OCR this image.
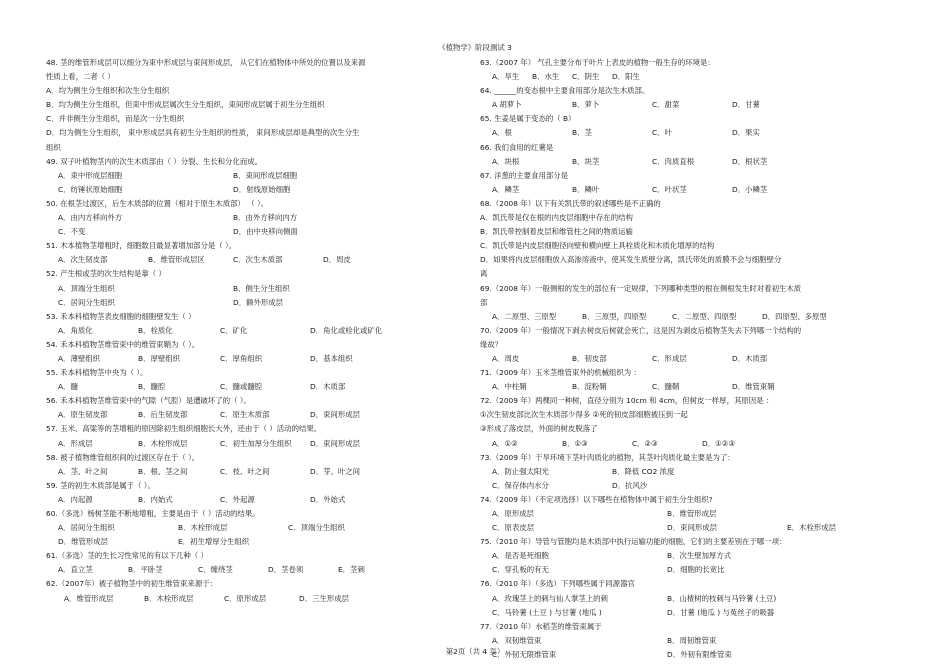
《植物学》阶段测试 3
48. 茎的维管形成层可以细分为束中形成层与束间形成层， 从它们在植物体中所处的位置以及来源
性质上看，二者（ ）
A．均为侧生分生组织和次生分生组织
B．均为侧生分生组织，但束中形成层属次生分生组织，束间形成层属于初生分生组织
C．并非侧生分生组织，而是次一分生组织
D．均为侧生分生组织， 束中形成层具有初生分生组织的性质， 束间形成层却是典型的次生分生
组织
49. 双子叶植物茎内的次生木质部由（ ）分裂、生长和分化而成。
A．束中形成层细胞	B．束间形成层细胞
C．纺锤状原始细胞	D．射线原始细胞
50. 在根茎过渡区，后生木质部的位置（相对于原生木质部） （ ）。
A．由内方移向外方	B．由外方移向内方
C．不变	D．由中央移向侧面
51. 木本植物茎增粗时，细胞数目最显著增加部分是（ ）。
A．次生韧皮部	B．维管形成层区	C．次生木质部	D．周皮
52. 产生根或茎的次生结构是靠（ ）
A．顶端分生组织	B．侧生分生组织
C．居间分生组织	D．额外形成层
53. 禾本科植物茎表皮细胞的细胞壁发生（ ）
A．角质化	B．栓质化	C．矿化	D．角化或栓化或矿化
54. 禾本科植物茎维管束中的维管束鞘为（ ）。
A．薄壁组织	B．厚壁组织	C．厚角组织	D．基本组织
55. 禾本科植物茎中央为（ ）。
A．髓	B．髓腔	C．髓或髓腔	D．木质部
56. 禾本科植物茎维管束中的气隙（气腔）是遭破坏了的（ ）。
A．原生韧皮部	B．后生韧皮部	C．原生木质部	D．束间形成层
57. 玉米、高粱等的茎增粗的原因除初生组织细胞长大外，还由于（ ）活动的结果。
A．形成层	B．木栓形成层	C．初生加厚分生组织	D．束间形成层
58. 被子植物维管组织间的过渡区存在于（ ）。
A．茎、叶之间	B．根、茎之间	C．枝、叶之间	D．芽、叶之间
59. 茎的初生木质部是属于（ ）。
A．内起源	B．内始式	C．外起源	D．外始式
60.（多选）杨树茎能不断地增粗，主要是由于（ ）活动的结果。
A．居间分生组织	B．木栓形成层	C．顶端分生组织
D．维管形成层	E．初生增厚分生组织
61.（多选）茎的生长习性常见的有以下几种（ ）
A．直立茎	B．平卧茎	C．缠绕茎	D．茎卷须	E．茎刺
62.（2007年）被子植物茎中的初生维管束来源于：
A．维管形成层	B．木栓形成层	C．原形成层	D．三生形成层
63.（2007 年） 气孔主要分布于叶片上表皮的植物一般生存的环境是：
A．旱生	B．水生	C．阴生	D．阳生
64. ______的变态根中主要食用部分是次生木质部。
A 胡萝卜	B．萝卜	C．甜菜	D．甘薯
65. 生姜是属于变态的（ B）
A．根	B．茎	C．叶	D．果实
66. 我们食用的红薯是
A．块根	B．块茎	C．肉质直根	D．根状茎
67. 洋葱的主要食用部分是
A．鳞茎	B．鳞叶	C．叶状茎	D．小鳞茎
68.（2008 年）以下有关凯氏带的叙述哪些是不正确的
A．凯氏带是仅在根的内皮层细胞中存在的结构
B．凯氏带控制着皮层和维管柱之间的物质运输
C．凯氏带是内皮层细胞径向壁和横向壁上具栓质化和木质化增厚的结构
D．如果将内皮层细胞放入高渗溶液中，使其发生质壁分离，凯氏带处的质膜不会与细胞壁分
离
69.（2008 年）一般侧根的发生的部位有一定规律，下列哪种类型的根在侧根发生时对着初生木质
部
A．二原型、三原型	B．三原型，四原型	C．二原型、四原型	D．四原型、多原型
70.（2009 年）一般情况下剥去树皮后树就会死亡，这是因为剥皮后植物茎失去下列哪一个结构的
缘故？
A．周皮	B．韧皮部	C．形成层	D．木质部
71.（2009 年）玉米茎维管束外的机械组织为 ：
A．中柱鞘	B．淀粉鞘	C．髓鞘	D．维管束鞘
72.（2009 年）两棵同一种树，直径分别为 10cm 和 4cm，但树皮一样厚，其原因是 ：
①次生韧皮部比次生木质部少得多 ②死的韧皮部细胞被压到一起
③形成了落皮层，外面的树皮脱落了
A．①②	B．①③	C．②③	D．①②③
73.（2009 年）干旱环境下茎叶肉质化的植物，其茎叶肉质化最主要是为了：
A．防止强太阳光	B．降低 CO2 浓度
C．保存体内水分	D．抗风沙
74.（2009 年）（不定项选择）以下哪些在植物体中属于初生分生组织?
A．原形成层	B．维管形成层
C．原表皮层	D．束间形成层	E．木栓形成层
75.（2010 年）导管与管胞均是木质部中执行运输功能的细胞，它们的主要差别在于哪一项：
A．是否是死细胞	B．次生壁加厚方式
C．穿孔板的有无	D．细胞的长宽比
76.（2010 年）（多选）下列哪些属于同源器官
A．玫瑰茎上的刺与仙人掌茎上的刺	B．山楂树的枝刺与马铃薯 (土豆)
C．马铃薯 (土豆 ) 与甘薯 (地瓜 )	D．甘薯 (地瓜 ) 与菟丝子的吸器
77.（2010 年）水稻茎的维管束属于
A．双韧维管束	B．周韧维管束
C．外韧无限维管束	D．外韧有限维管束
第2页（共 4 页）
